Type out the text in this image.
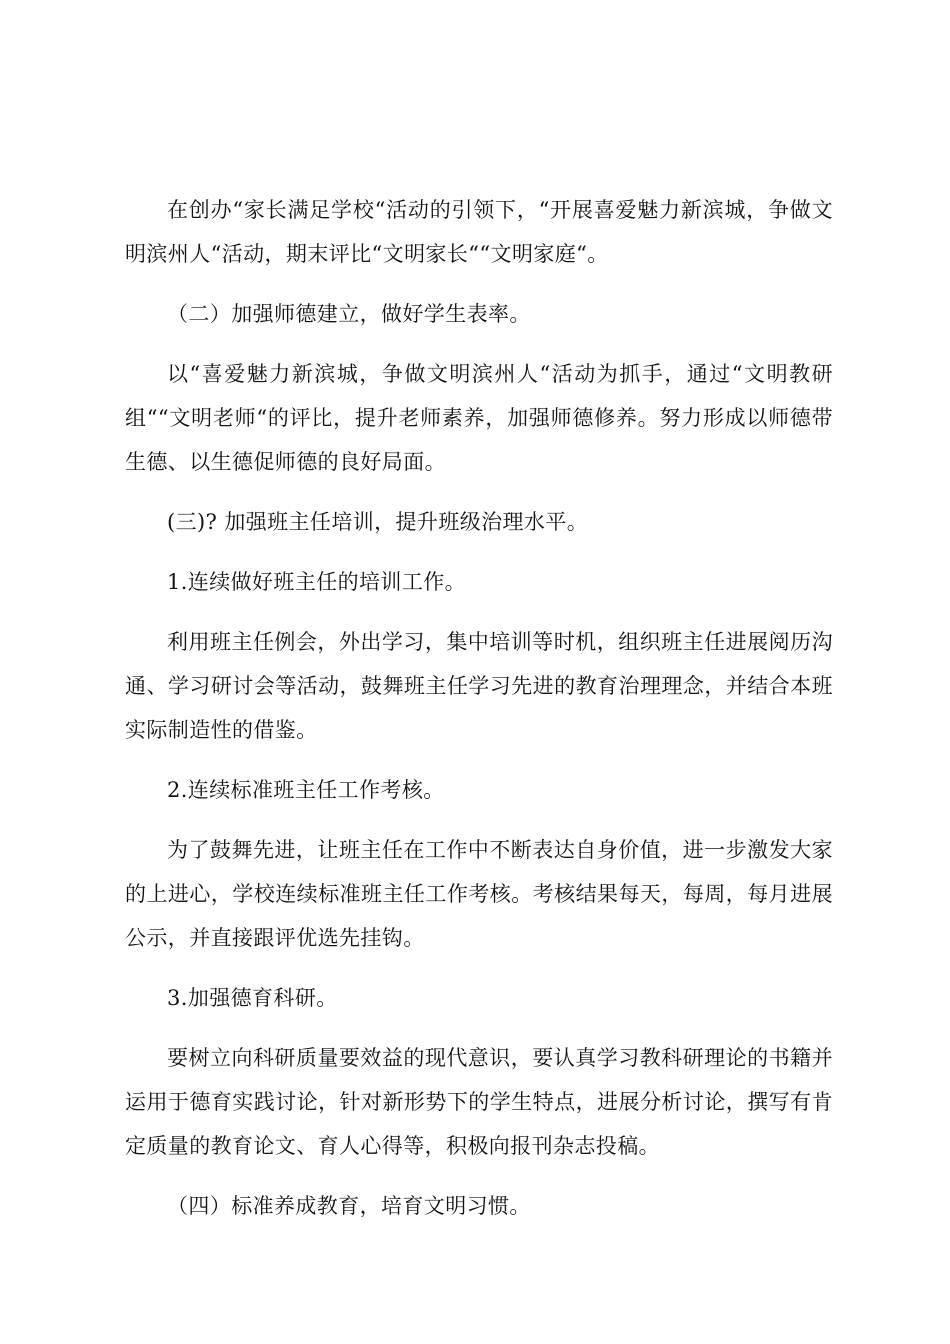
在创办“家长满足学校“活动的引领下，“开展喜爱魅力新滨城，争做文明滨州人“活动，期末评比“文明家长““文明家庭“。

（二）加强师德建立，做好学生表率。

以“喜爱魅力新滨城，争做文明滨州人“活动为抓手，通过“文明教研组““文明老师“的评比，提升老师素养，加强师德修养。努力形成以师德带生德、以生德促师德的良好局面。

(三)? 加强班主任培训，提升班级治理水平。

1.连续做好班主任的培训工作。

利用班主任例会，外出学习，集中培训等时机，组织班主任进展阅历沟通、学习研讨会等活动，鼓舞班主任学习先进的教育治理理念，并结合本班实际制造性的借鉴。

2.连续标准班主任工作考核。

为了鼓舞先进，让班主任在工作中不断表达自身价值，进一步激发大家的上进心，学校连续标准班主任工作考核。考核结果每天，每周，每月进展公示，并直接跟评优选先挂钩。

3.加强德育科研。

要树立向科研质量要效益的现代意识，要认真学习教科研理论的书籍并运用于德育实践讨论，针对新形势下的学生特点，进展分析讨论，撰写有肯定质量的教育论文、育人心得等，积极向报刊杂志投稿。

（四）标准养成教育，培育文明习惯。
